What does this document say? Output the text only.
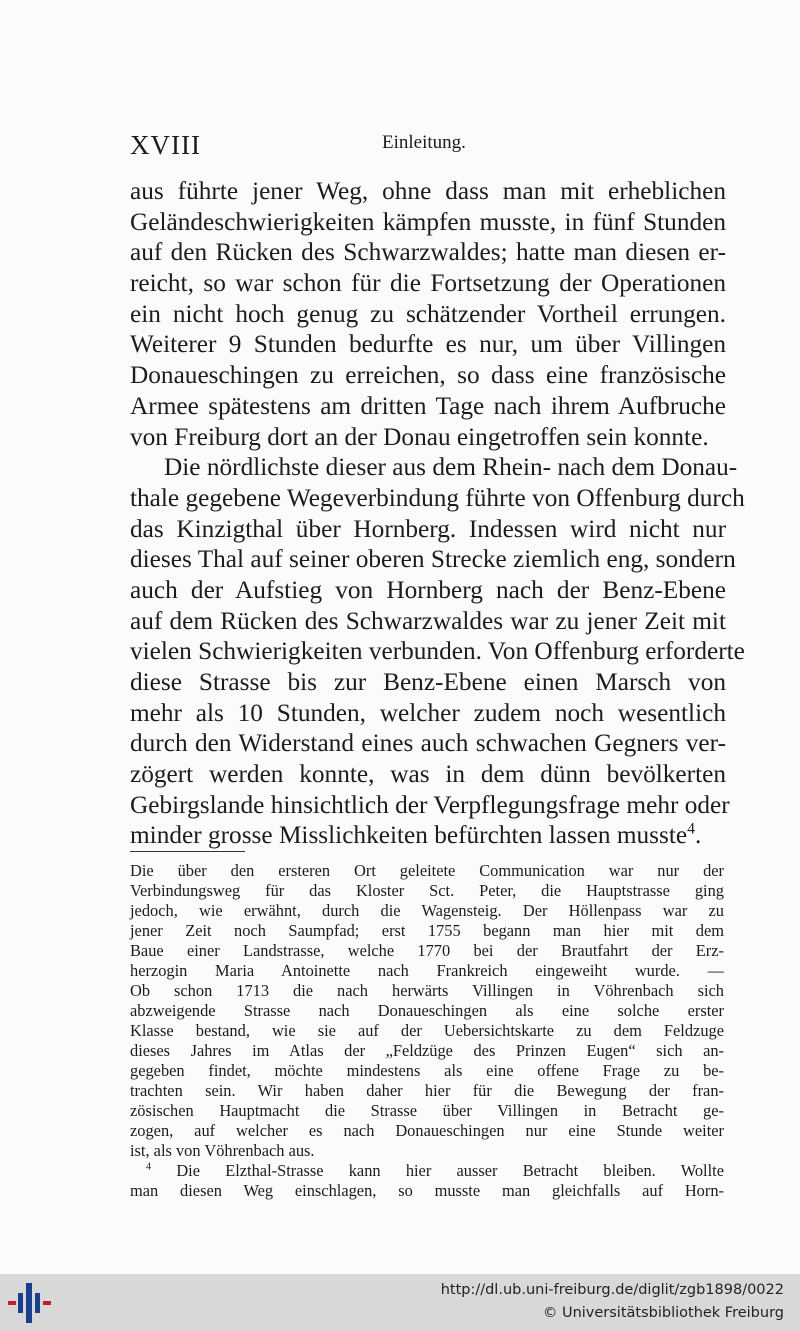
XVIII	Einleitung.
aus führte jener Weg, ohne dass man mit erheblichen
Geländeschwierigkeiten kämpfen musste, in fünf Stunden
auf den Rücken des Schwarzwaldes; hatte man diesen er-
reicht, so war schon für die Fortsetzung der Operationen
ein nicht hoch genug zu schätzender Vortheil errungen.
Weiterer 9 Stunden bedurfte es nur, um über Villingen
Donaueschingen zu erreichen, so dass eine französische
Armee spätestens am dritten Tage nach ihrem Aufbruche
von Freiburg dort an der Donau eingetroffen sein konnte.
Die nördlichste dieser aus dem Rhein- nach dem Donau-
thale gegebene Wegeverbindung führte von Offenburg durch
das Kinzigthal über Hornberg. Indessen wird nicht nur
dieses Thal auf seiner oberen Strecke ziemlich eng, sondern
auch der Aufstieg von Hornberg nach der Benz-Ebene
auf dem Rücken des Schwarzwaldes war zu jener Zeit mit
vielen Schwierigkeiten verbunden. Von Offenburg erforderte
diese Strasse bis zur Benz-Ebene einen Marsch von
mehr als 10 Stunden, welcher zudem noch wesentlich
durch den Widerstand eines auch schwachen Gegners ver-
zögert werden konnte, was in dem dünn bevölkerten
Gebirgslande hinsichtlich der Verpflegungsfrage mehr oder
minder grosse Misslichkeiten befürchten lassen musste$^4$.
Die über den ersteren Ort geleitete Communication war nur der
Verbindungsweg für das Kloster Sct. Peter, die Hauptstrasse ging
jedoch, wie erwähnt, durch die Wagensteig. Der Höllenpass war zu
jener Zeit noch Saumpfad; erst 1755 begann man hier mit dem
Baue einer Landstrasse, welche 1770 bei der Brautfahrt der Erz-
herzogin Maria Antoinette nach Frankreich eingeweiht wurde. —
Ob schon 1713 die nach herwärts Villingen in Vöhrenbach sich
abzweigende Strasse nach Donaueschingen als eine solche erster
Klasse bestand, wie sie auf der Uebersichtskarte zu dem Feldzuge
dieses Jahres im Atlas der „Feldzüge des Prinzen Eugen“ sich an-
gegeben findet, möchte mindestens als eine offene Frage zu be-
trachten sein. Wir haben daher hier für die Bewegung der fran-
zösischen Hauptmacht die Strasse über Villingen in Betracht ge-
zogen, auf welcher es nach Donaueschingen nur eine Stunde weiter
ist, als von Vöhrenbach aus.
$^4$ Die Elzthal-Strasse kann hier ausser Betracht bleiben. Wollte
man diesen Weg einschlagen, so musste man gleichfalls auf Horn-
http://dl.ub.uni-freiburg.de/diglit/zgb1898/0022
© Universitätsbibliothek Freiburg
